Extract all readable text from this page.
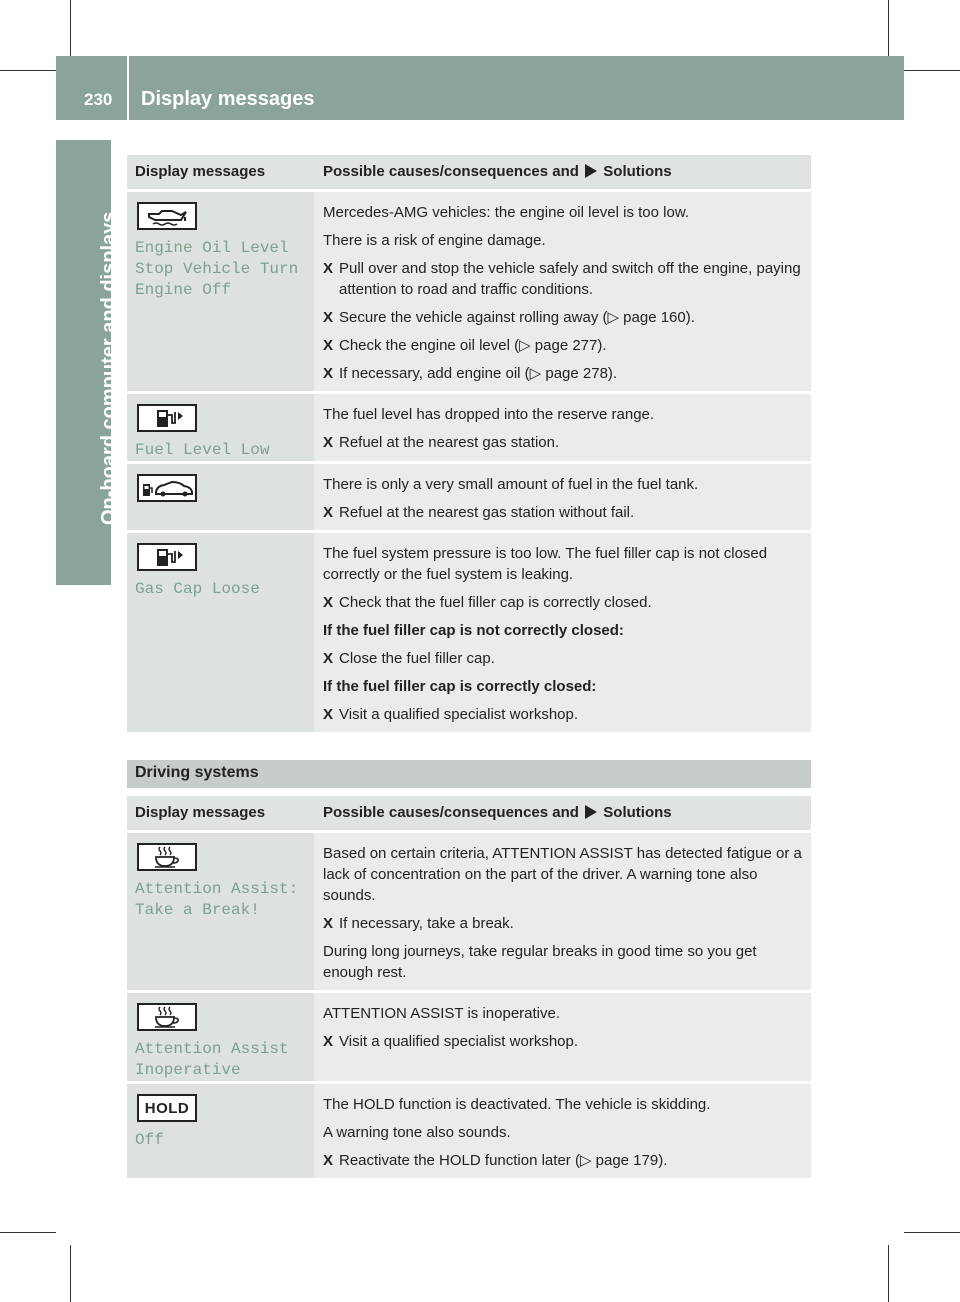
230 Display messages
On-board computer and displays
Display messages	Possible causes/consequences and Solutions
Engine Oil Level
Stop Vehicle Turn
Engine Off
Mercedes-AMG vehicles: the engine oil level is too low.
There is a risk of engine damage.
X Pull over and stop the vehicle safely and switch off the engine, paying attention to road and traffic conditions.
X Secure the vehicle against rolling away (▷ page 160).
X Check the engine oil level (▷ page 277).
X If necessary, add engine oil (▷ page 278).
Fuel Level Low
The fuel level has dropped into the reserve range.
X Refuel at the nearest gas station.
There is only a very small amount of fuel in the fuel tank.
X Refuel at the nearest gas station without fail.
Gas Cap Loose
The fuel system pressure is too low. The fuel filler cap is not closed correctly or the fuel system is leaking.
X Check that the fuel filler cap is correctly closed.
If the fuel filler cap is not correctly closed:
X Close the fuel filler cap.
If the fuel filler cap is correctly closed:
X Visit a qualified specialist workshop.
Driving systems
Display messages	Possible causes/consequences and Solutions
Attention Assist:
Take a Break!
Based on certain criteria, ATTENTION ASSIST has detected fatigue or a lack of concentration on the part of the driver. A warning tone also sounds.
X If necessary, take a break.
During long journeys, take regular breaks in good time so you get enough rest.
Attention Assist
Inoperative
ATTENTION ASSIST is inoperative.
X Visit a qualified specialist workshop.
HOLD
Off
The HOLD function is deactivated. The vehicle is skidding.
A warning tone also sounds.
X Reactivate the HOLD function later (▷ page 179).
